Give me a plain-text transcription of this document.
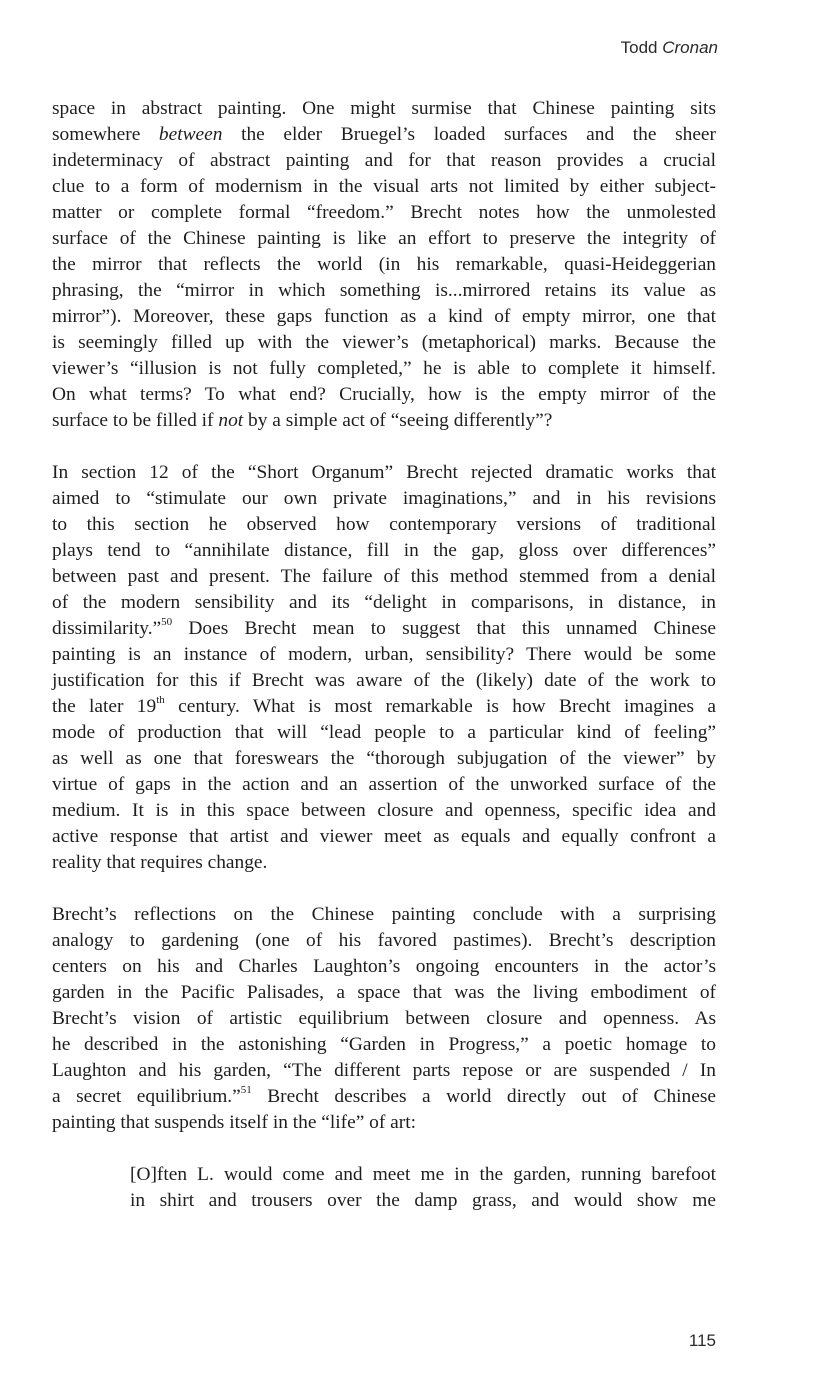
Todd Cronan
space in abstract painting. One might surmise that Chinese painting sits
somewhere between the elder Bruegel’s loaded surfaces and the sheer
indeterminacy of abstract painting and for that reason provides a crucial
clue to a form of modernism in the visual arts not limited by either subject-
matter or complete formal “freedom.” Brecht notes how the unmolested
surface of the Chinese painting is like an effort to preserve the integrity of
the mirror that reflects the world (in his remarkable, quasi-Heideggerian
phrasing, the “mirror in which something is...mirrored retains its value as
mirror”). Moreover, these gaps function as a kind of empty mirror, one that
is seemingly filled up with the viewer’s (metaphorical) marks. Because the
viewer’s “illusion is not fully completed,” he is able to complete it himself.
On what terms? To what end? Crucially, how is the empty mirror of the
surface to be filled if not by a simple act of “seeing differently”?
In section 12 of the “Short Organum” Brecht rejected dramatic works that
aimed to “stimulate our own private imaginations,” and in his revisions
to this section he observed how contemporary versions of traditional
plays tend to “annihilate distance, fill in the gap, gloss over differences”
between past and present. The failure of this method stemmed from a denial
of the modern sensibility and its “delight in comparisons, in distance, in
dissimilarity.”$^{50}$ Does Brecht mean to suggest that this unnamed Chinese
painting is an instance of modern, urban, sensibility? There would be some
justification for this if Brecht was aware of the (likely) date of the work to
the later 19th century. What is most remarkable is how Brecht imagines a
mode of production that will “lead people to a particular kind of feeling”
as well as one that foreswears the “thorough subjugation of the viewer” by
virtue of gaps in the action and an assertion of the unworked surface of the
medium. It is in this space between closure and openness, specific idea and
active response that artist and viewer meet as equals and equally confront a
reality that requires change.
Brecht’s reflections on the Chinese painting conclude with a surprising
analogy to gardening (one of his favored pastimes). Brecht’s description
centers on his and Charles Laughton’s ongoing encounters in the actor’s
garden in the Pacific Palisades, a space that was the living embodiment of
Brecht’s vision of artistic equilibrium between closure and openness. As
he described in the astonishing “Garden in Progress,” a poetic homage to
Laughton and his garden, “The different parts repose or are suspended / In
a secret equilibrium.”$^{51}$ Brecht describes a world directly out of Chinese
painting that suspends itself in the “life” of art:
[O]ften L. would come and meet me in the garden, running barefoot
in shirt and trousers over the damp grass, and would show me
115
